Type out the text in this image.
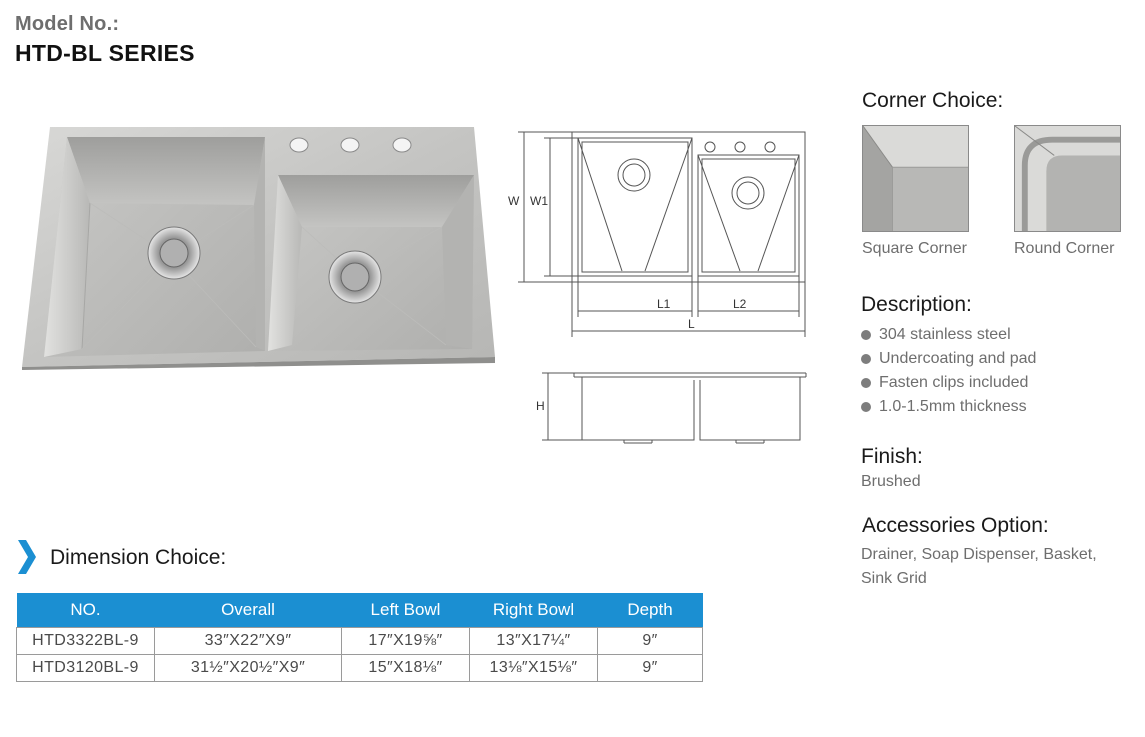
Model No.:
HTD-BL SERIES
W W1
L1	L2
L
H
Corner Choice:
Square Corner	Round Corner
Description:
304 stainless steel
Undercoating and pad
Fasten clips included
1.0-1.5mm thickness
Finish:
Brushed
Accessories Option:
Drainer, Soap Dispenser, Basket, Sink Grid
Dimension Choice:
NO.	Overall	Left Bowl	Right Bowl	Depth
HTD3322BL-9	33″X22″X9″	17″X19⅝″	13″X17¼″	9″
HTD3120BL-9	31½″X20½″X9″	15″X18⅛″	13⅛″X15⅛″	9″
